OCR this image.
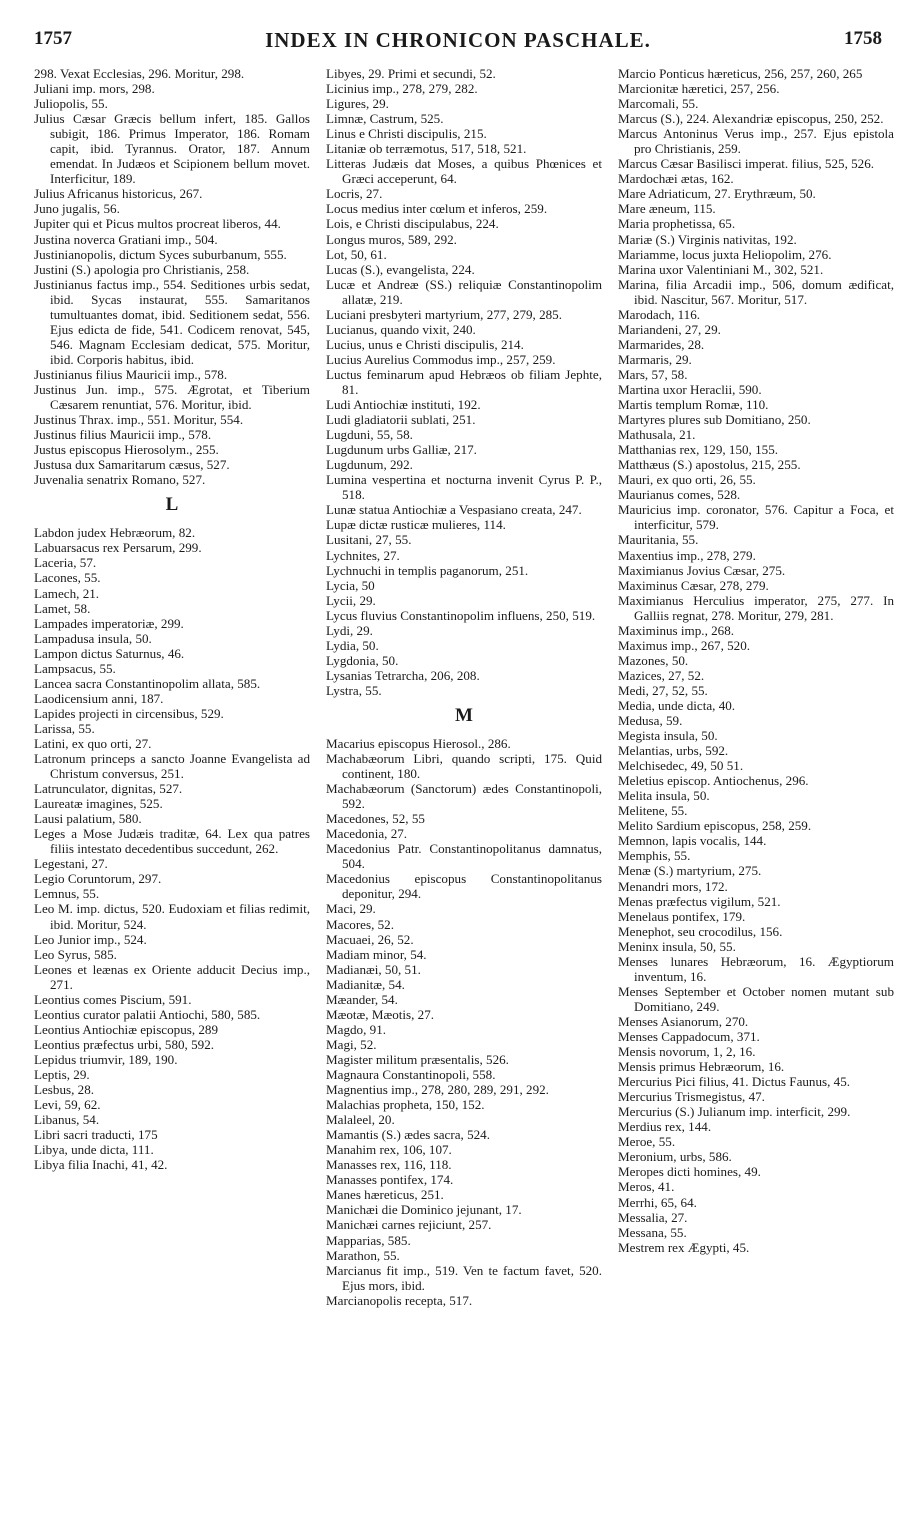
1757	INDEX IN CHRONICON PASCHALE.	1758
298. Vexat Ecclesias, 296. Moritur, 298.
Juliani imp. mors, 298.
Juliopolis, 55.
Julius Cæsar Græcis bellum infert, 185. Gallos subigit, 186. Primus Imperator, 186. Romam capit, ibid. Tyrannus. Orator, 187. Annum emendat. In Judæos et Scipionem bellum movet. Interficitur, 189.
Julius Africanus historicus, 267.
Juno jugalis, 56.
Jupiter qui et Picus multos procreat liberos, 44.
Justina noverca Gratiani imp., 504.
Justinianopolis, dictum Syces suburbanum, 555.
Justini (S.) apologia pro Christianis, 258.
Justinianus factus imp., 554. Seditiones urbis sedat, ibid. Sycas instaurat, 555. Samaritanos tumultuantes domat, ibid. Seditionem sedat, 556. Ejus edicta de fide, 541. Codicem renovat, 545, 546. Magnam Ecclesiam dedicat, 575. Moritur, ibid. Corporis habitus, ibid.
Justinianus filius Mauricii imp., 578.
Justinus Jun. imp., 575. Ægrotat, et Tiberium Cæsarem renuntiat, 576. Moritur, ibid.
Justinus Thrax. imp., 551. Moritur, 554.
Justinus filius Mauricii imp., 578.
Justus episcopus Hierosolym., 255.
Justusa dux Samaritarum cæsus, 527.
Juvenalia senatrix Romano, 527.
L
Labdon judex Hebræorum, 82.
Labuarsacus rex Persarum, 299.
Laceria, 57.
Lacones, 55.
Lamech, 21.
Lamet, 58.
Lampades imperatoriæ, 299.
Lampadusa insula, 50.
Lampon dictus Saturnus, 46.
Lampsacus, 55.
Lancea sacra Constantinopolim allata, 585.
Laodicensium anni, 187.
Lapides projecti in circensibus, 529.
Larissa, 55.
Latini, ex quo orti, 27.
Latronum princeps a sancto Joanne Evangelista ad Christum conversus, 251.
Latrunculator, dignitas, 527.
Laureatæ imagines, 525.
Lausi palatium, 580.
Leges a Mose Judæis traditæ, 64. Lex qua patres filiis intestato decedentibus succedunt, 262.
Legestani, 27.
Legio Coruntorum, 297.
Lemnus, 55.
Leo M. imp. dictus, 520. Eudoxiam et filias redimit, ibid. Moritur, 524.
Leo Junior imp., 524.
Leo Syrus, 585.
Leones et leænas ex Oriente adducit Decius imp., 271.
Leontius comes Piscium, 591.
Leontius curator palatii Antiochi, 580, 585.
Leontius Antiochiæ episcopus, 289
Leontius præfectus urbi, 580, 592.
Lepidus triumvir, 189, 190.
Leptis, 29.
Lesbus, 28.
Levi, 59, 62.
Libanus, 54.
Libri sacri traducti, 175
Libya, unde dicta, 111.
Libya filia Inachi, 41, 42.
Libyes, 29. Primi et secundi, 52.
Licinius imp., 278, 279, 282.
Ligures, 29.
Limnæ, Castrum, 525.
Linus e Christi discipulis, 215.
Litaniæ ob terræmotus, 517, 518, 521.
Litteras Judæis dat Moses, a quibus Phœnices et Græci acceperunt, 64.
Locris, 27.
Locus medius inter cœlum et inferos, 259.
Lois, e Christi discipulabus, 224.
Longus muros, 589, 292.
Lot, 50, 61.
Lucas (S.), evangelista, 224.
Lucæ et Andreæ (SS.) reliquiæ Constantinopolim allatæ, 219.
Luciani presbyteri martyrium, 277, 279, 285.
Lucianus, quando vixit, 240.
Lucius, unus e Christi discipulis, 214.
Lucius Aurelius Commodus imp., 257, 259.
Luctus feminarum apud Hebræos ob filiam Jephte, 81.
Ludi Antiochiæ instituti, 192.
Ludi gladiatorii sublati, 251.
Lugduni, 55, 58.
Lugdunum urbs Galliæ, 217.
Lugdunum, 292.
Lumina vespertina et nocturna invenit Cyrus P. P., 518.
Lunæ statua Antiochiæ a Vespasiano creata, 247.
Lupæ dictæ rusticæ mulieres, 114.
Lusitani, 27, 55.
Lychnites, 27.
Lychnuchi in templis paganorum, 251.
Lycia, 50
Lycii, 29.
Lycus fluvius Constantinopolim influens, 250, 519.
Lydi, 29.
Lydia, 50.
Lygdonia, 50.
Lysanias Tetrarcha, 206, 208.
Lystra, 55.
M
Macarius episcopus Hierosol., 286.
Machabæorum Libri, quando scripti, 175. Quid continent, 180.
Machabæorum (Sanctorum) ædes Constantinopoli, 592.
Macedones, 52, 55
Macedonia, 27.
Macedonius Patr. Constantinopolitanus damnatus, 504.
Macedonius episcopus Constantinopolitanus deponitur, 294.
Maci, 29.
Macores, 52.
Macuaei, 26, 52.
Madiam minor, 54.
Madianæi, 50, 51.
Madianitæ, 54.
Mæander, 54.
Mæotæ, Mæotis, 27.
Magdo, 91.
Magi, 52.
Magister militum præsentalis, 526.
Magnaura Constantinopoli, 558.
Magnentius imp., 278, 280, 289, 291, 292.
Malachias propheta, 150, 152.
Malaleel, 20.
Mamantis (S.) ædes sacra, 524.
Manahim rex, 106, 107.
Manasses rex, 116, 118.
Manasses pontifex, 174.
Manes hæreticus, 251.
Manichæi die Dominico jejunant, 17.
Manichæi carnes rejiciunt, 257.
Mapparias, 585.
Marathon, 55.
Marcianus fit imp., 519. Ven te factum favet, 520. Ejus mors, ibid.
Marcianopolis recepta, 517.
Marcio Ponticus hæreticus, 256, 257, 260, 265
Marcionitæ hæretici, 257, 256.
Marcomali, 55.
Marcus (S.), 224. Alexandriæ episcopus, 250, 252.
Marcus Antoninus Verus imp., 257. Ejus epistola pro Christianis, 259.
Marcus Cæsar Basilisci imperat. filius, 525, 526.
Mardochæi ætas, 162.
Mare Adriaticum, 27. Erythræum, 50.
Mare æneum, 115.
Maria prophetissa, 65.
Mariæ (S.) Virginis nativitas, 192.
Mariamme, locus juxta Heliopolim, 276.
Marina uxor Valentiniani M., 302, 521.
Marina, filia Arcadii imp., 506, domum ædificat, ibid. Nascitur, 567. Moritur, 517.
Marodach, 116.
Mariandeni, 27, 29.
Marmarides, 28.
Marmaris, 29.
Mars, 57, 58.
Martina uxor Heraclii, 590.
Martis templum Romæ, 110.
Martyres plures sub Domitiano, 250.
Mathusala, 21.
Matthanias rex, 129, 150, 155.
Matthæus (S.) apostolus, 215, 255.
Mauri, ex quo orti, 26, 55.
Maurianus comes, 528.
Mauricius imp. coronator, 576. Capitur a Foca, et interficitur, 579.
Mauritania, 55.
Maxentius imp., 278, 279.
Maximianus Jovius Cæsar, 275.
Maximinus Cæsar, 278, 279.
Maximianus Herculius imperator, 275, 277. In Galliis regnat, 278. Moritur, 279, 281.
Maximinus imp., 268.
Maximus imp., 267, 520.
Mazones, 50.
Mazices, 27, 52.
Medi, 27, 52, 55.
Media, unde dicta, 40.
Medusa, 59.
Megista insula, 50.
Melantias, urbs, 592.
Melchisedec, 49, 50 51.
Meletius episcop. Antiochenus, 296.
Melita insula, 50.
Melitene, 55.
Melito Sardium episcopus, 258, 259.
Memnon, lapis vocalis, 144.
Memphis, 55.
Menæ (S.) martyrium, 275.
Menandri mors, 172.
Menas præfectus vigilum, 521.
Menelaus pontifex, 179.
Menephot, seu crocodilus, 156.
Meninx insula, 50, 55.
Menses lunares Hebræorum, 16. Ægyptiorum inventum, 16.
Menses September et October nomen mutant sub Domitiano, 249.
Menses Asianorum, 270.
Menses Cappadocum, 371.
Mensis novorum, 1, 2, 16.
Mensis primus Hebræorum, 16.
Mercurius Pici filius, 41. Dictus Faunus, 45.
Mercurius Trismegistus, 47.
Mercurius (S.) Julianum imp. interficit, 299.
Merdius rex, 144.
Meroe, 55.
Meronium, urbs, 586.
Meropes dicti homines, 49.
Meros, 41.
Merrhi, 65, 64.
Messalia, 27.
Messana, 55.
Mestrem rex Ægypti, 45.
